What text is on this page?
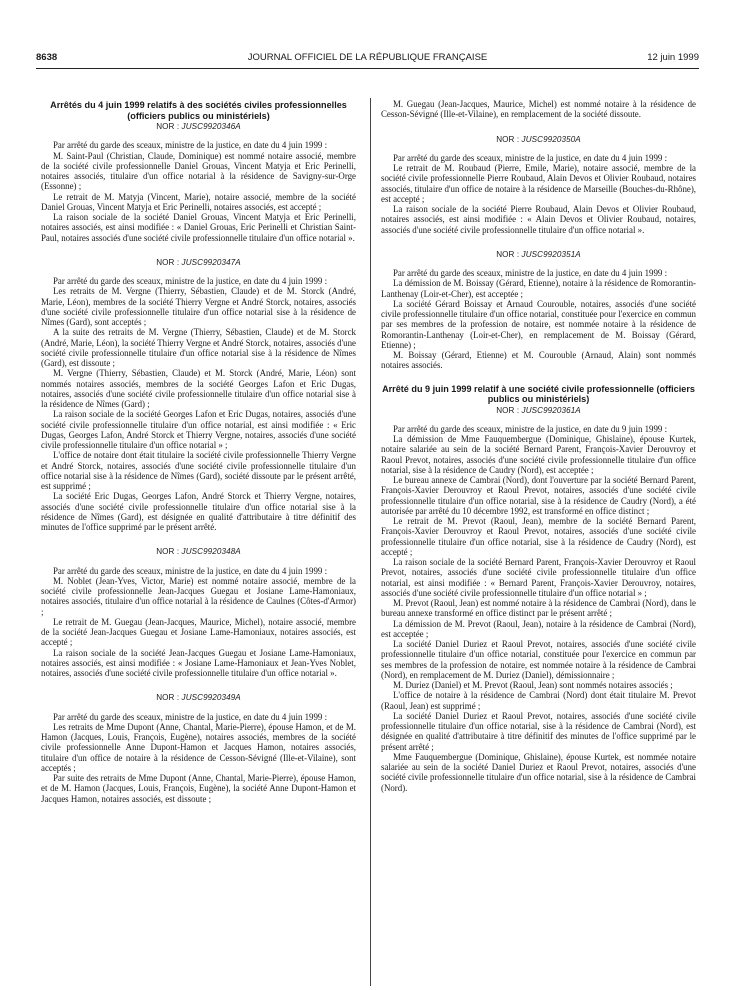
8638	JOURNAL OFFICIEL DE LA RÉPUBLIQUE FRANÇAISE	12 juin 1999
Arrêtés du 4 juin 1999 relatifs à des sociétés civiles professionnelles (officiers publics ou ministériels)
NOR : JUSC9920346A

Par arrêté du garde des sceaux, ministre de la justice, en date du 4 juin 1999 :

M. Saint-Paul (Christian, Claude, Dominique) est nommé notaire associé, membre de la société civile professionnelle Daniel Grouas, Vincent Matyja et Eric Perinelli, notaires associés, titulaire d'un office notarial à la résidence de Savigny-sur-Orge (Essonne) ;

Le retrait de M. Matyja (Vincent, Marie), notaire associé, membre de la société Daniel Grouas, Vincent Matyja et Eric Perinelli, notaires associés, est accepté ;

La raison sociale de la société Daniel Grouas, Vincent Matyja et Eric Perinelli, notaires associés, est ainsi modifiée : « Daniel Grouas, Eric Perinelli et Christian Saint-Paul, notaires associés d'une société civile professionnelle titulaire d'un office notarial ».

NOR : JUSC9920347A

Par arrêté du garde des sceaux, ministre de la justice, en date du 4 juin 1999 :

Les retraits de M. Vergne (Thierry, Sébastien, Claude) et de M. Storck (André, Marie, Léon), membres de la société Thierry Vergne et André Storck, notaires, associés d'une société civile professionnelle titulaire d'un office notarial sise à la résidence de Nîmes (Gard), sont acceptés ;

A la suite des retraits de M. Vergne (Thierry, Sébastien, Claude) et de M. Storck (André, Marie, Léon), la société Thierry Vergne et André Storck, notaires, associés d'une société civile professionnelle titulaire d'un office notarial sise à la résidence de Nîmes (Gard), est dissoute ;

M. Vergne (Thierry, Sébastien, Claude) et M. Storck (André, Marie, Léon) sont nommés notaires associés, membres de la société Georges Lafon et Eric Dugas, notaires, associés d'une société civile professionnelle titulaire d'un office notarial sise à la résidence de Nîmes (Gard) ;

La raison sociale de la société Georges Lafon et Eric Dugas, notaires, associés d'une société civile professionnelle titulaire d'un office notarial, est ainsi modifiée : « Eric Dugas, Georges Lafon, André Storck et Thierry Vergne, notaires, associés d'une société civile professionnelle titulaire d'un office notarial » ;

L'office de notaire dont était titulaire la société civile professionnelle Thierry Vergne et André Storck, notaires, associés d'une société civile professionnelle titulaire d'un office notarial sise à la résidence de Nîmes (Gard), société dissoute par le présent arrêté, est supprimé ;

La société Eric Dugas, Georges Lafon, André Storck et Thierry Vergne, notaires, associés d'une société civile professionnelle titulaire d'un office notarial sise à la résidence de Nîmes (Gard), est désignée en qualité d'attributaire à titre définitif des minutes de l'office supprimé par le présent arrêté.

NOR : JUSC9920348A

Par arrêté du garde des sceaux, ministre de la justice, en date du 4 juin 1999 :

M. Noblet (Jean-Yves, Victor, Marie) est nommé notaire associé, membre de la société civile professionnelle Jean-Jacques Guegau et Josiane Lame-Hamoniaux, notaires associés, titulaire d'un office notarial à la résidence de Caulnes (Côtes-d'Armor) ;

Le retrait de M. Guegau (Jean-Jacques, Maurice, Michel), notaire associé, membre de la société Jean-Jacques Guegau et Josiane Lame-Hamoniaux, notaires associés, est accepté ;

La raison sociale de la société Jean-Jacques Guegau et Josiane Lame-Hamoniaux, notaires associés, est ainsi modifiée : « Josiane Lame-Hamoniaux et Jean-Yves Noblet, notaires, associés d'une société civile professionnelle titulaire d'un office notarial ».

NOR : JUSC9920349A

Par arrêté du garde des sceaux, ministre de la justice, en date du 4 juin 1999 :

Les retraits de Mme Dupont (Anne, Chantal, Marie-Pierre), épouse Hamon, et de M. Hamon (Jacques, Louis, François, Eugène), notaires associés, membres de la société civile professionnelle Anne Dupont-Hamon et Jacques Hamon, notaires associés, titulaire d'un office de notaire à la résidence de Cesson-Sévigné (Ille-et-Vilaine), sont acceptés ;

Par suite des retraits de Mme Dupont (Anne, Chantal, Marie-Pierre), épouse Hamon, et de M. Hamon (Jacques, Louis, François, Eugène), la société Anne Dupont-Hamon et Jacques Hamon, notaires associés, est dissoute ;

M. Guegau (Jean-Jacques, Maurice, Michel) est nommé notaire à la résidence de Cesson-Sévigné (Ille-et-Vilaine), en remplacement de la société dissoute.

NOR : JUSC9920350A

Par arrêté du garde des sceaux, ministre de la justice, en date du 4 juin 1999 :

Le retrait de M. Roubaud (Pierre, Emile, Marie), notaire associé, membre de la société civile professionnelle Pierre Roubaud, Alain Devos et Olivier Roubaud, notaires associés, titulaire d'un office de notaire à la résidence de Marseille (Bouches-du-Rhône), est accepté ;

La raison sociale de la société Pierre Roubaud, Alain Devos et Olivier Roubaud, notaires associés, est ainsi modifiée : « Alain Devos et Olivier Roubaud, notaires, associés d'une société civile professionnelle titulaire d'un office notarial ».

NOR : JUSC9920351A

Par arrêté du garde des sceaux, ministre de la justice, en date du 4 juin 1999 :

La démission de M. Boissay (Gérard, Etienne), notaire à la résidence de Romorantin-Lanthenay (Loir-et-Cher), est acceptée ;

La société Gérard Boissay et Arnaud Courouble, notaires, associés d'une société civile professionnelle titulaire d'un office notarial, constituée pour l'exercice en commun par ses membres de la profession de notaire, est nommée notaire à la résidence de Romorantin-Lanthenay (Loir-et-Cher), en remplacement de M. Boissay (Gérard, Etienne) ;

M. Boissay (Gérard, Etienne) et M. Courouble (Arnaud, Alain) sont nommés notaires associés.

Arrêté du 9 juin 1999 relatif à une société civile professionnelle (officiers publics ou ministériels)
NOR : JUSC9920361A

Par arrêté du garde des sceaux, ministre de la justice, en date du 9 juin 1999 :

La démission de Mme Fauquembergue (Dominique, Ghislaine), épouse Kurtek, notaire salariée au sein de la société Bernard Parent, François-Xavier Derouvroy et Raoul Prevot, notaires, associés d'une société civile professionnelle titulaire d'un office notarial, sise à la résidence de Caudry (Nord), est acceptée ;

Le bureau annexe de Cambrai (Nord), dont l'ouverture par la société Bernard Parent, François-Xavier Derouvroy et Raoul Prevot, notaires, associés d'une société civile professionnelle titulaire d'un office notarial, sise à la résidence de Caudry (Nord), a été autorisée par arrêté du 10 décembre 1992, est transformé en office distinct ;

Le retrait de M. Prevot (Raoul, Jean), membre de la société Bernard Parent, François-Xavier Derouvroy et Raoul Prevot, notaires, associés d'une société civile professionnelle titulaire d'un office notarial, sise à la résidence de Caudry (Nord), est accepté ;

La raison sociale de la société Bernard Parent, François-Xavier Derouvroy et Raoul Prevot, notaires, associés d'une société civile professionnelle titulaire d'un office notarial, est ainsi modifiée : « Bernard Parent, François-Xavier Derouvroy, notaires, associés d'une société civile professionnelle titulaire d'un office notarial » ;

M. Prevot (Raoul, Jean) est nommé notaire à la résidence de Cambrai (Nord), dans le bureau annexe transformé en office distinct par le présent arrêté ;

La démission de M. Prevot (Raoul, Jean), notaire à la résidence de Cambrai (Nord), est acceptée ;

La société Daniel Duriez et Raoul Prevot, notaires, associés d'une société civile professionnelle titulaire d'un office notarial, constituée pour l'exercice en commun par ses membres de la profession de notaire, est nommée notaire à la résidence de Cambrai (Nord), en remplacement de M. Duriez (Daniel), démissionnaire ;

M. Duriez (Daniel) et M. Prevot (Raoul, Jean) sont nommés notaires associés ;

L'office de notaire à la résidence de Cambrai (Nord) dont était titulaire M. Prevot (Raoul, Jean) est supprimé ;

La société Daniel Duriez et Raoul Prevot, notaires, associés d'une société civile professionnelle titulaire d'un office notarial, sise à la résidence de Cambrai (Nord), est désignée en qualité d'attributaire à titre définitif des minutes de l'office supprimé par le présent arrêté ;

Mme Fauquembergue (Dominique, Ghislaine), épouse Kurtek, est nommée notaire salariée au sein de la société Daniel Duriez et Raoul Prevot, notaires, associés d'une société civile professionnelle titulaire d'un office notarial, sise à la résidence de Cambrai (Nord).
